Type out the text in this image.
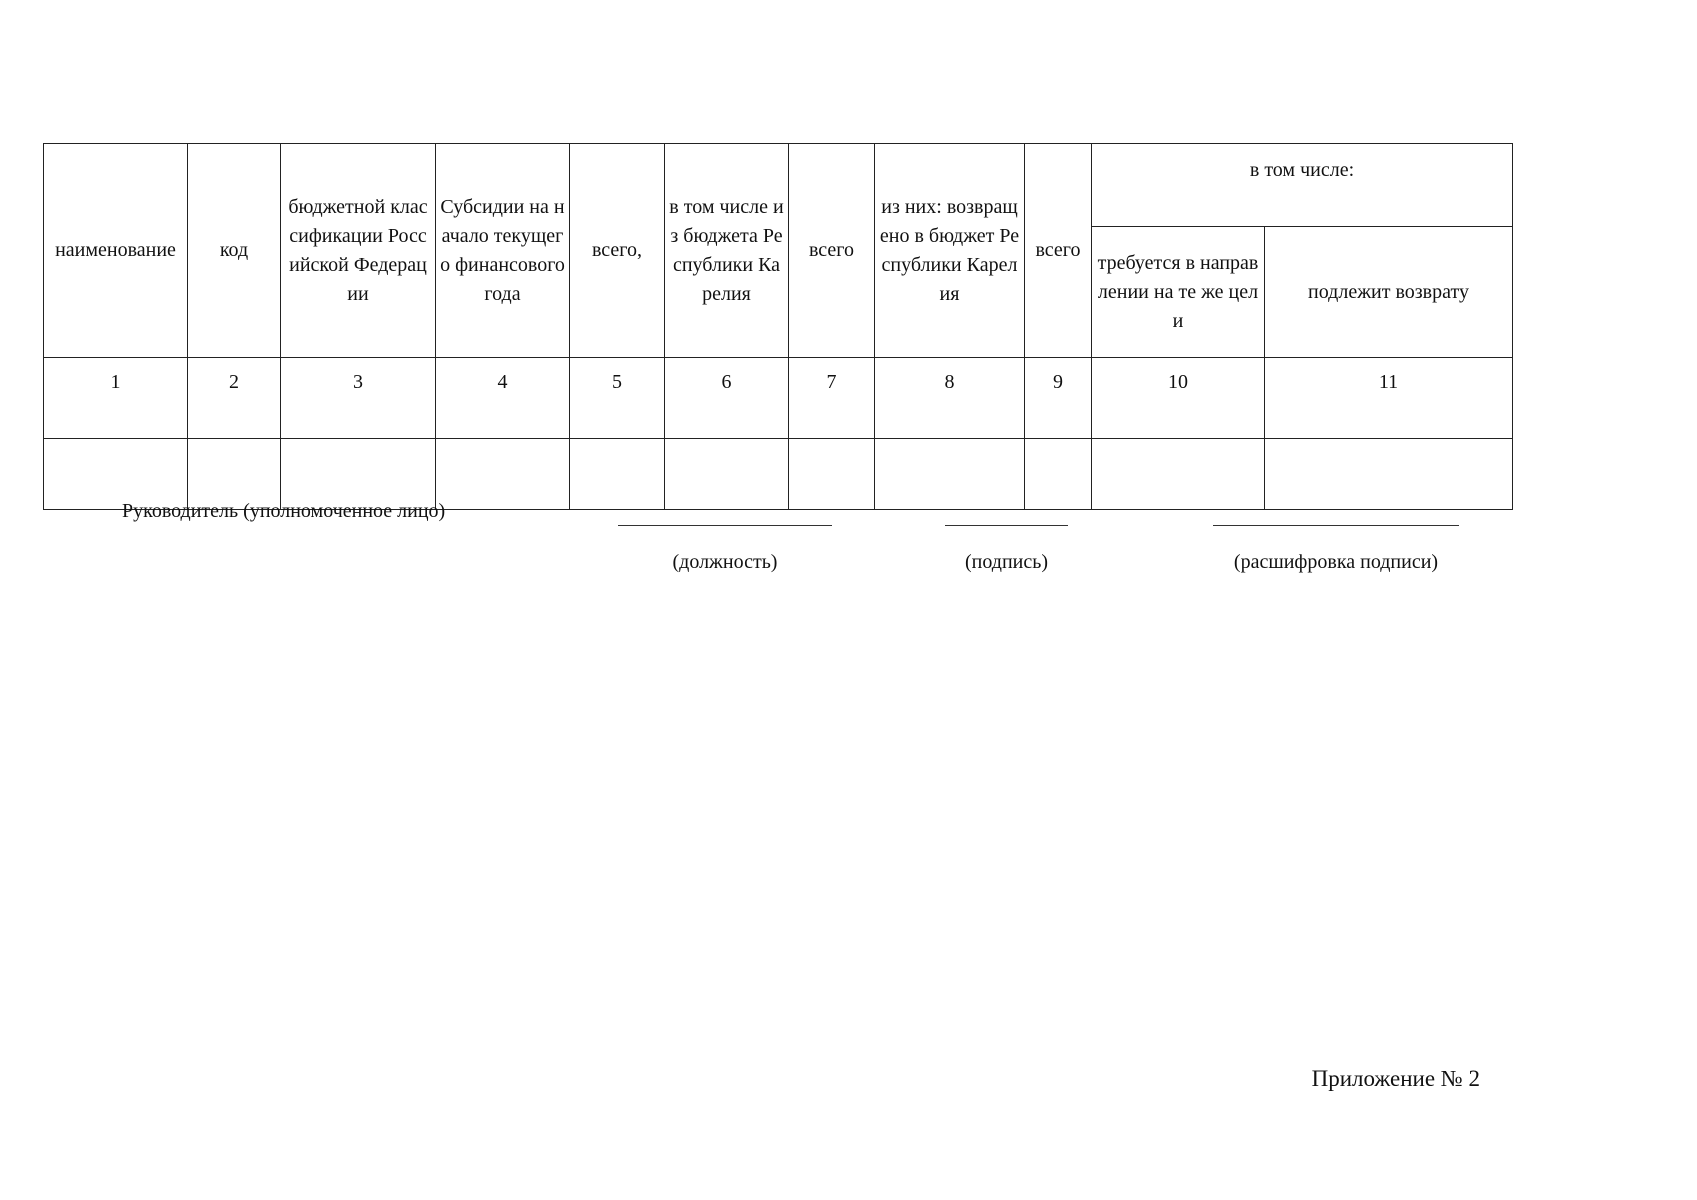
наименование	код	бюджетной классификации Российской Федерации	Субсидии на начало текущего финансового года	всего,	в том числе из бюджета Республики Карелия	всего	из них: возвращено в бюджет Республики Карелия	всего	в том числе:	
									требуется в направлении на те же цели	подлежит возврату
1	2	3	4	5	6	7	8	9	10	11

Руководитель (уполномоченное лицо)
(должность)	(подпись)	(расшифровка подписи)
Приложение № 2
